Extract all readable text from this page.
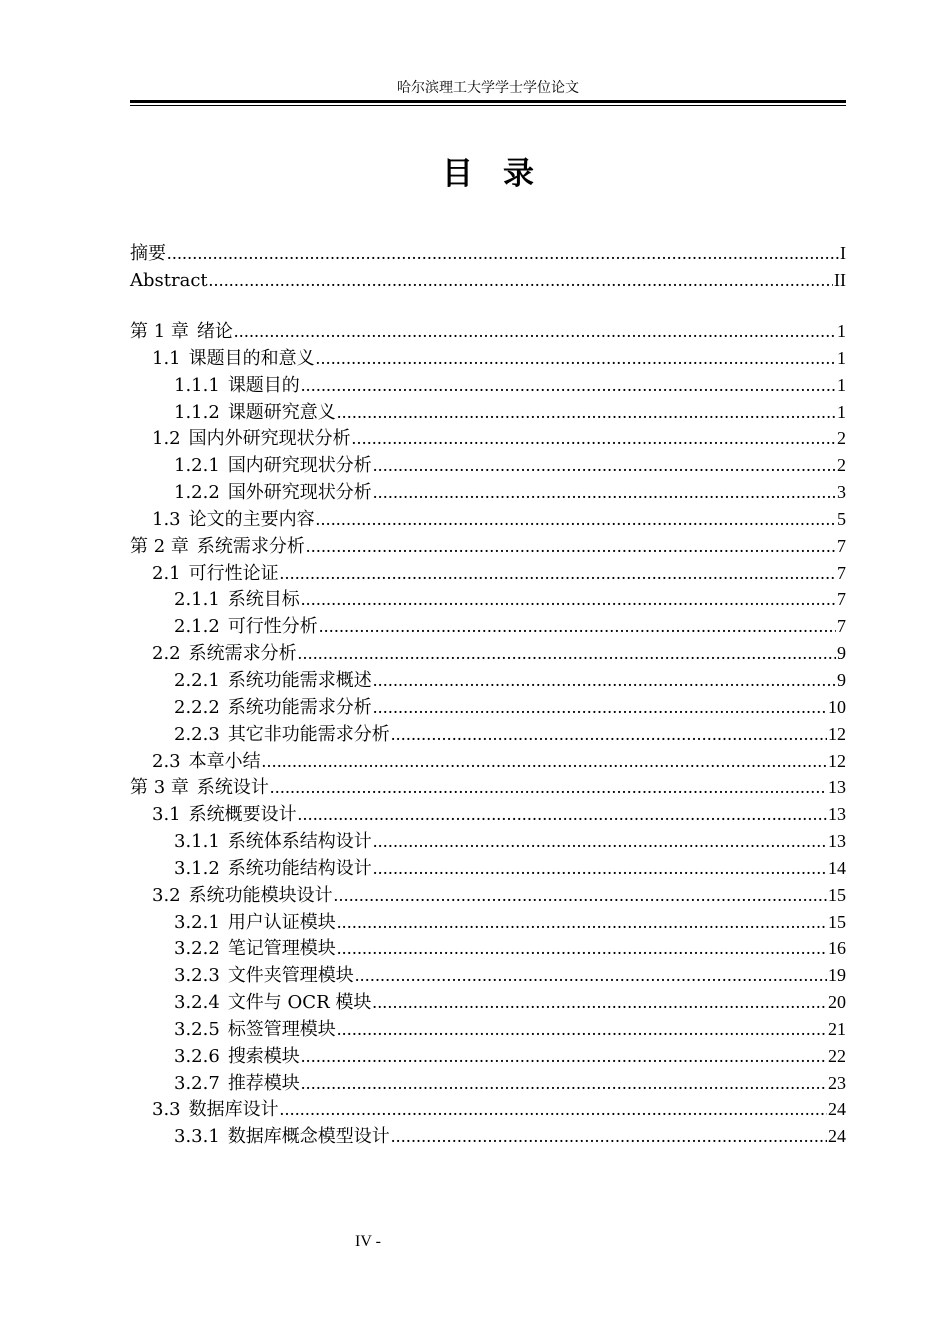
哈尔滨理工大学学士学位论文
目录
摘要 .....	I
Abstract .....	II
第 1 章 绪论 .....	1
1.1 课题目的和意义 .....	1
1.1.1 课题目的 .....	1
1.1.2 课题研究意义 .....	1
1.2 国内外研究现状分析 .....	2
1.2.1 国内研究现状分析 .....	2
1.2.2 国外研究现状分析 .....	3
1.3 论文的主要内容 .....	5
第 2 章 系统需求分析 .....	7
2.1 可行性论证 .....	7
2.1.1 系统目标 .....	7
2.1.2 可行性分析 .....	7
2.2 系统需求分析 .....	9
2.2.1 系统功能需求概述 .....	9
2.2.2 系统功能需求分析 .....	10
2.2.3 其它非功能需求分析 .....	12
2.3 本章小结 .....	12
第 3 章 系统设计 .....	13
3.1 系统概要设计 .....	13
3.1.1 系统体系结构设计 .....	13
3.1.2 系统功能结构设计 .....	14
3.2 系统功能模块设计 .....	15
3.2.1 用户认证模块 .....	15
3.2.2 笔记管理模块 .....	16
3.2.3 文件夹管理模块 .....	19
3.2.4 文件与 OCR 模块 .....	20
3.2.5 标签管理模块 .....	21
3.2.6 搜索模块 .....	22
3.2.7 推荐模块 .....	23
3.3 数据库设计 .....	24
3.3.1 数据库概念模型设计 .....	24
IV -
